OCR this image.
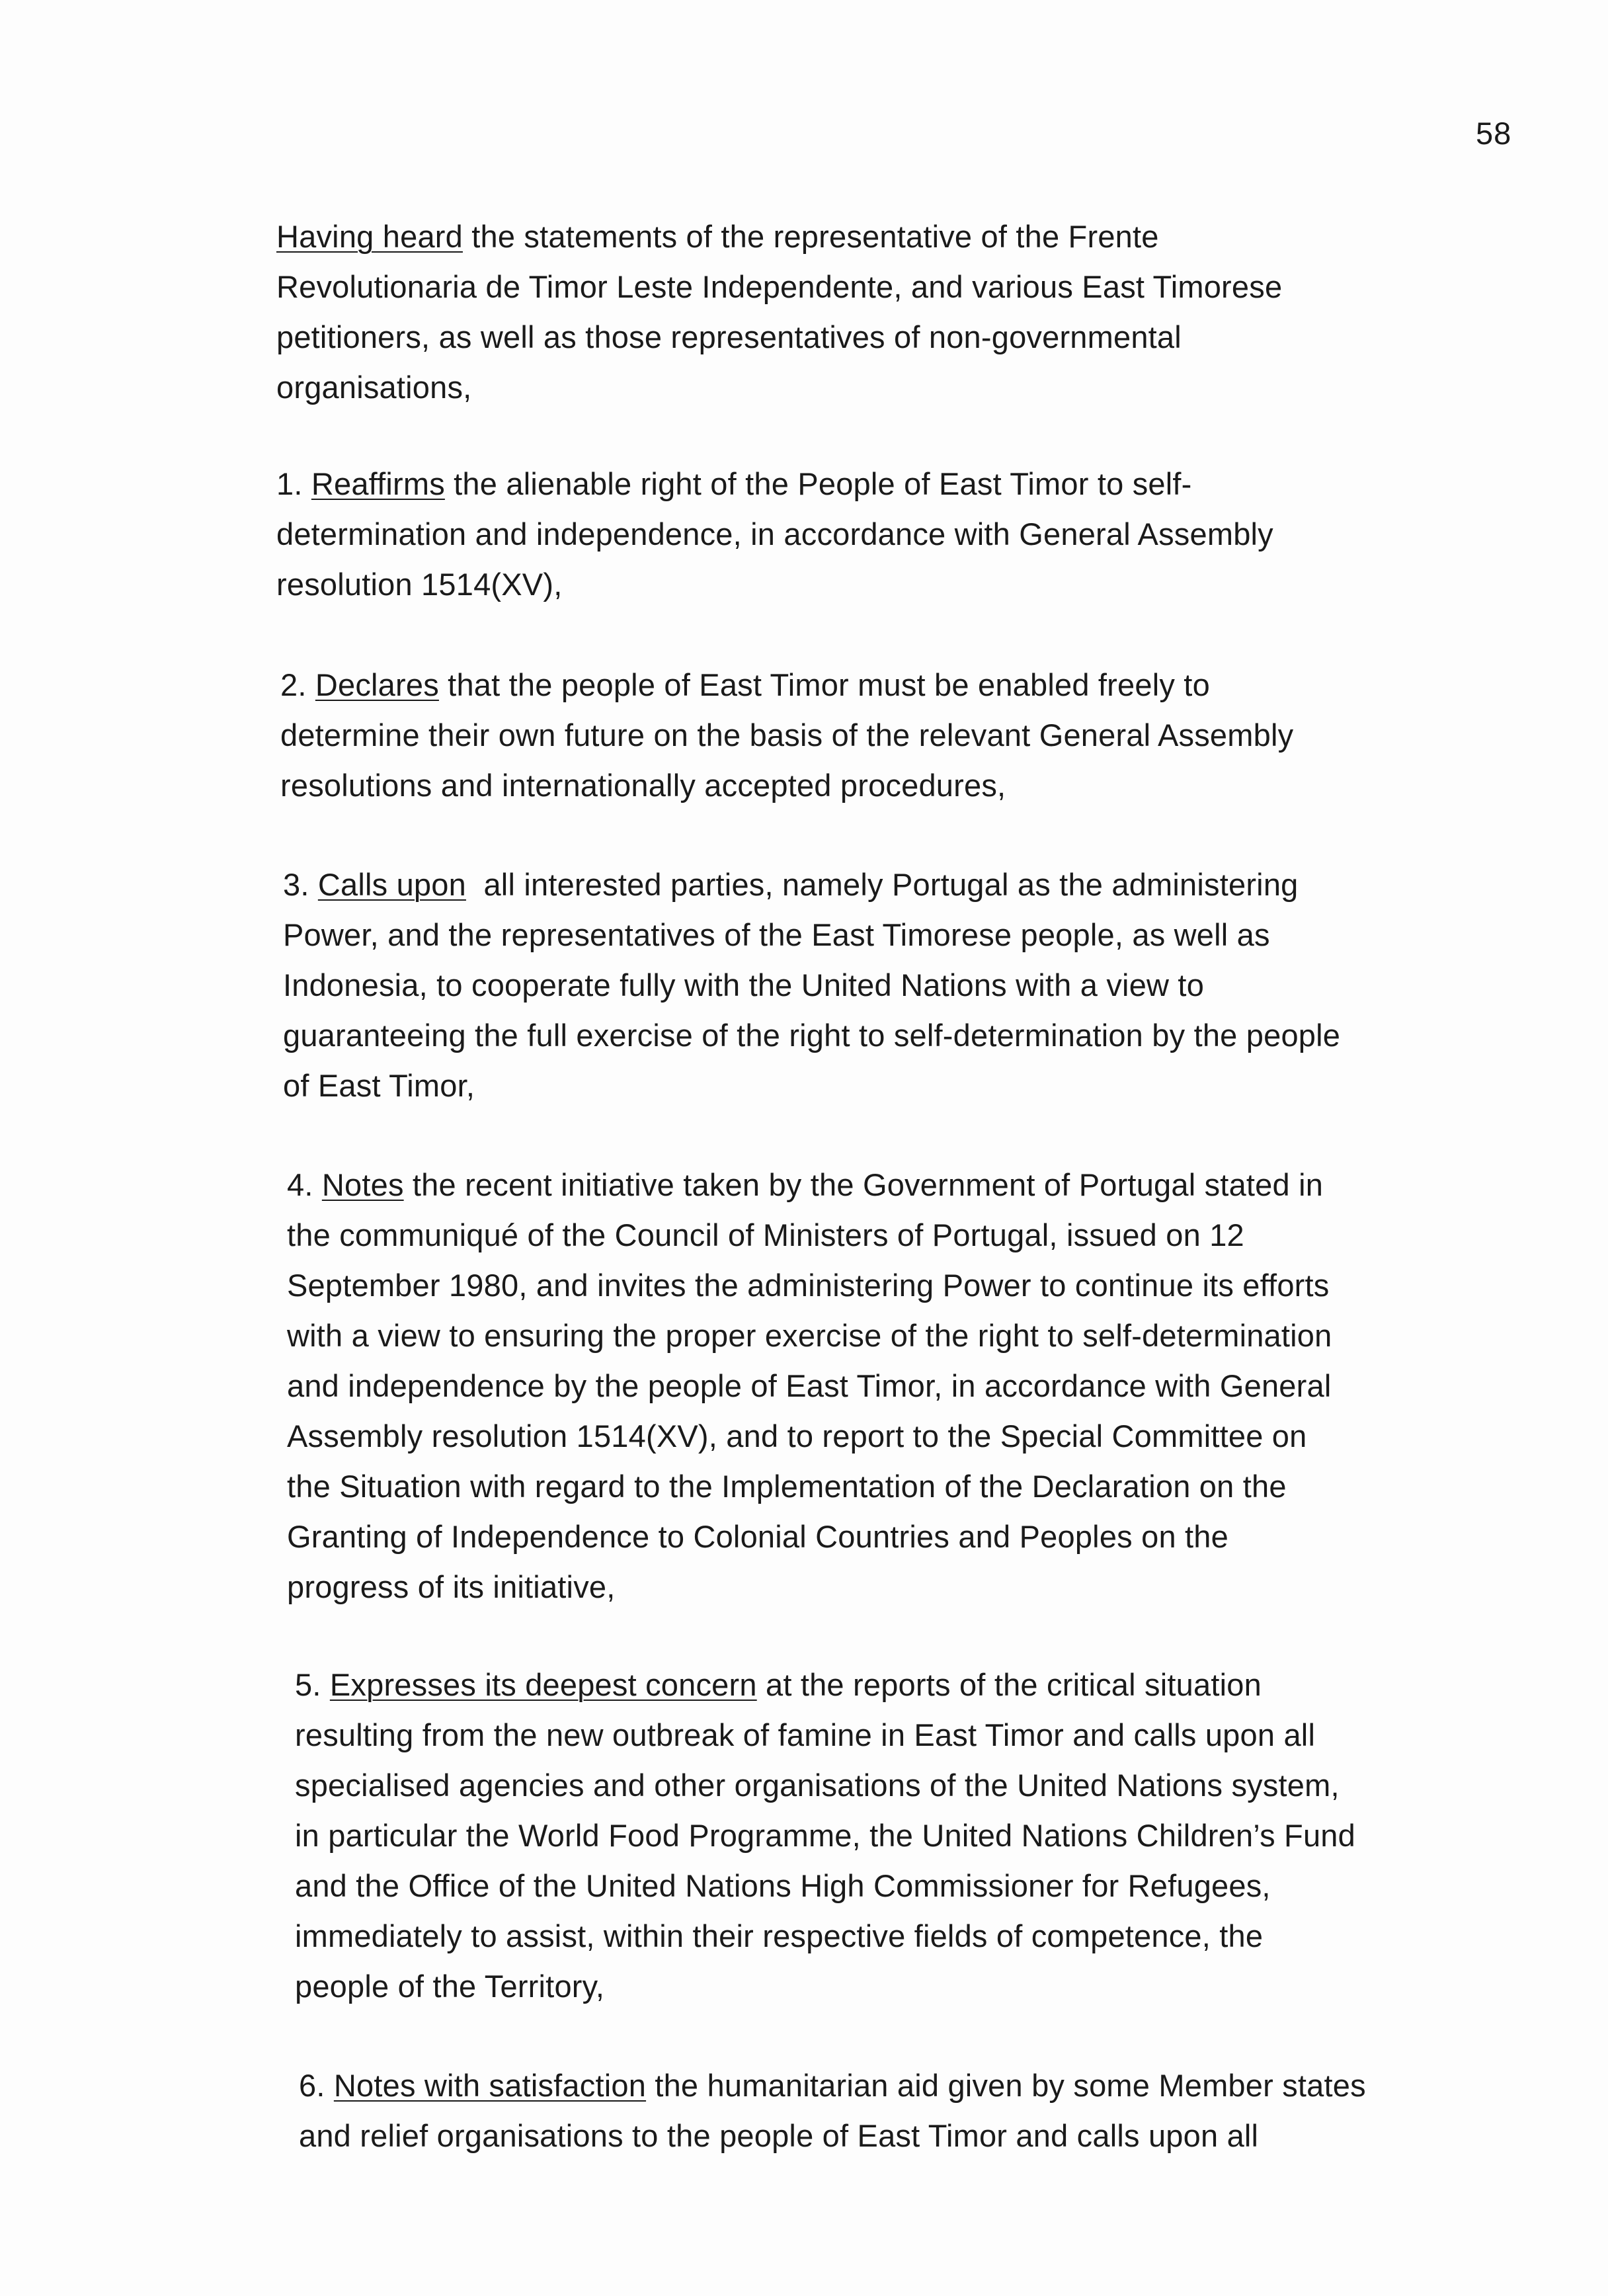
58
Having heard the statements of the representative of the Frente
Revolutionaria de Timor Leste Independente, and various East Timorese
petitioners, as well as those representatives of non-governmental
organisations,
1. Reaffirms the alienable right of the People of East Timor to self-
determination and independence, in accordance with General Assembly
resolution 1514(XV),
2. Declares that the people of East Timor must be enabled freely to
determine their own future on the basis of the relevant General Assembly
resolutions and internationally accepted procedures,
3. Calls upon  all interested parties, namely Portugal as the administering
Power, and the representatives of the East Timorese people, as well as
Indonesia, to cooperate fully with the United Nations with a view to
guaranteeing the full exercise of the right to self-determination by the people
of East Timor,
4. Notes the recent initiative taken by the Government of Portugal stated in
the communiqué of the Council of Ministers of Portugal, issued on 12
September 1980, and invites the administering Power to continue its efforts
with a view to ensuring the proper exercise of the right to self-determination
and independence by the people of East Timor, in accordance with General
Assembly resolution 1514(XV), and to report to the Special Committee on
the Situation with regard to the Implementation of the Declaration on the
Granting of Independence to Colonial Countries and Peoples on the
progress of its initiative,
5. Expresses its deepest concern at the reports of the critical situation
resulting from the new outbreak of famine in East Timor and calls upon all
specialised agencies and other organisations of the United Nations system,
in particular the World Food Programme, the United Nations Children’s Fund
and the Office of the United Nations High Commissioner for Refugees,
immediately to assist, within their respective fields of competence, the
people of the Territory,
6. Notes with satisfaction the humanitarian aid given by some Member states
and relief organisations to the people of East Timor and calls upon all
